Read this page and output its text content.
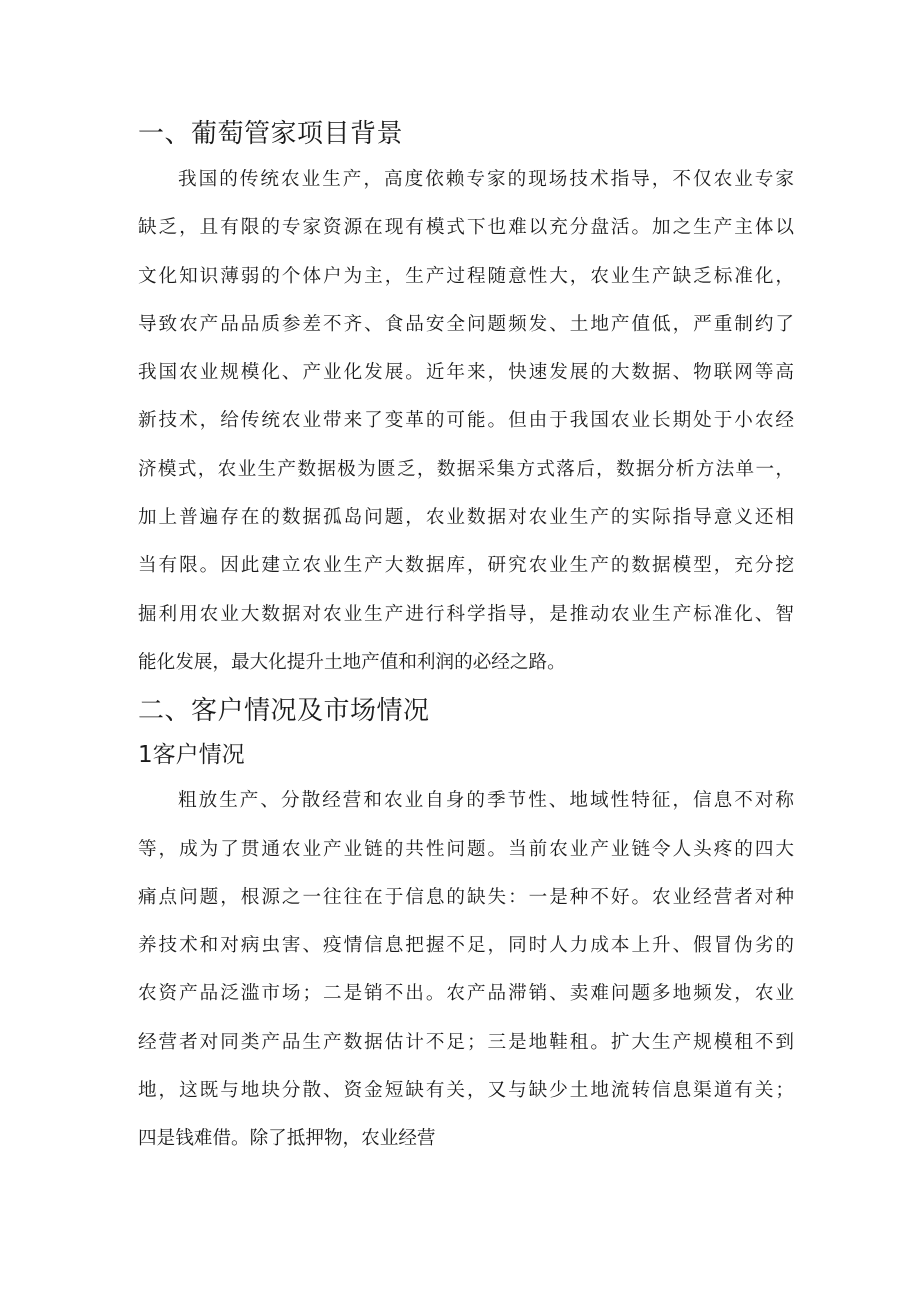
一、葡萄管家项目背景
我国的传统农业生产，高度依赖专家的现场技术指导，不仅农业专家
缺乏，且有限的专家资源在现有模式下也难以充分盘活。加之生产主体以
文化知识薄弱的个体户为主，生产过程随意性大，农业生产缺乏标准化，
导致农产品品质参差不齐、食品安全问题频发、土地产值低，严重制约了
我国农业规模化、产业化发展。近年来，快速发展的大数据、物联网等高
新技术，给传统农业带来了变革的可能。但由于我国农业长期处于小农经
济模式，农业生产数据极为匮乏，数据采集方式落后，数据分析方法单一，
加上普遍存在的数据孤岛问题，农业数据对农业生产的实际指导意义还相
当有限。因此建立农业生产大数据库，研究农业生产的数据模型，充分挖
掘利用农业大数据对农业生产进行科学指导，是推动农业生产标准化、智
能化发展，最大化提升土地产值和利润的必经之路。
二、客户情况及市场情况
1客户情况
粗放生产、分散经营和农业自身的季节性、地域性特征，信息不对称
等，成为了贯通农业产业链的共性问题。当前农业产业链令人头疼的四大
痛点问题，根源之一往往在于信息的缺失：一是种不好。农业经营者对种
养技术和对病虫害、疫情信息把握不足，同时人力成本上升、假冒伪劣的
农资产品泛滥市场；二是销不出。农产品滞销、卖难问题多地频发，农业
经营者对同类产品生产数据估计不足；三是地鞋租。扩大生产规模租不到
地，这既与地块分散、资金短缺有关，又与缺少土地流转信息渠道有关；
四是钱难借。除了抵押物，农业经营
